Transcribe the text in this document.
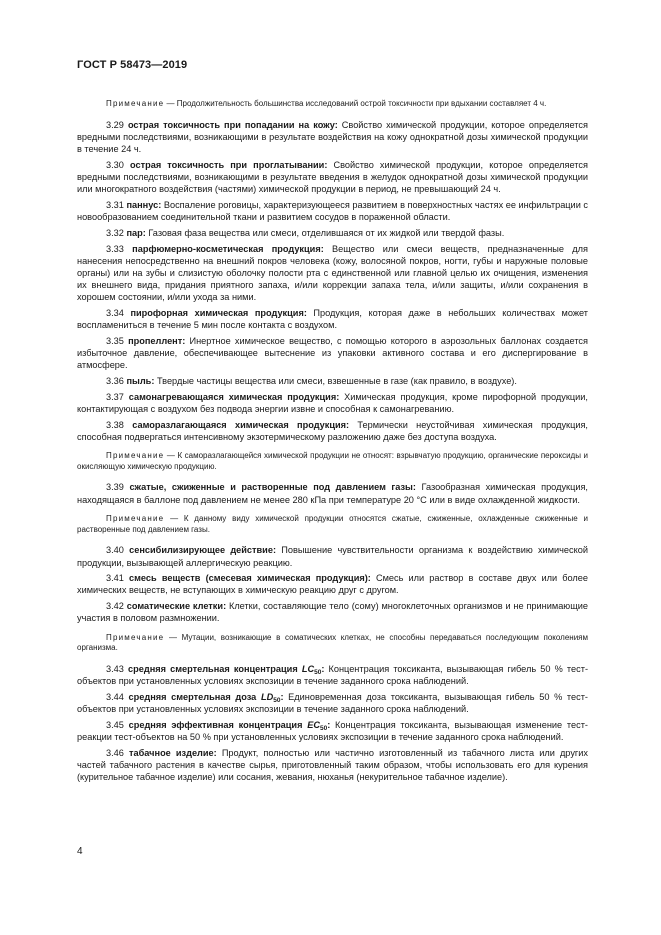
ГОСТ Р 58473—2019

Примечание — Продолжительность большинства исследований острой токсичности при вдыхании составляет 4 ч.

3.29 острая токсичность при попадании на кожу: Свойство химической продукции, которое определяется вредными последствиями, возникающими в результате воздействия на кожу однократной дозы химической продукции в течение 24 ч.

3.30 острая токсичность при проглатывании: Свойство химической продукции, которое определяется вредными последствиями, возникающими в результате введения в желудок однократной дозы химической продукции или многократного воздействия (частями) химической продукции в период, не превышающий 24 ч.

3.31 паннус: Воспаление роговицы, характеризующееся развитием в поверхностных частях ее инфильтрации с новообразованием соединительной ткани и развитием сосудов в пораженной области.

3.32 пар: Газовая фаза вещества или смеси, отделившаяся от их жидкой или твердой фазы.

3.33 парфюмерно-косметическая продукция: Вещество или смеси веществ, предназначенные для нанесения непосредственно на внешний покров человека (кожу, волосяной покров, ногти, губы и наружные половые органы) или на зубы и слизистую оболочку полости рта с единственной или главной целью их очищения, изменения их внешнего вида, придания приятного запаха, и/или коррекции запаха тела, и/или защиты, и/или сохранения в хорошем состоянии, и/или ухода за ними.

3.34 пирофорная химическая продукция: Продукция, которая даже в небольших количествах может воспламениться в течение 5 мин после контакта с воздухом.

3.35 пропеллент: Инертное химическое вещество, с помощью которого в аэрозольных баллонах создается избыточное давление, обеспечивающее вытеснение из упаковки активного состава и его диспергирование в атмосфере.

3.36 пыль: Твердые частицы вещества или смеси, взвешенные в газе (как правило, в воздухе).

3.37 самонагревающаяся химическая продукция: Химическая продукция, кроме пирофорной продукции, контактирующая с воздухом без подвода энергии извне и способная к самонагреванию.

3.38 саморазлагающаяся химическая продукция: Термически неустойчивая химическая продукция, способная подвергаться интенсивному экзотермическому разложению даже без доступа воздуха.

Примечание — К саморазлагающейся химической продукции не относят: взрывчатую продукцию, органические пероксиды и окисляющую химическую продукцию.

3.39 сжатые, сжиженные и растворенные под давлением газы: Газообразная химическая продукция, находящаяся в баллоне под давлением не менее 280 кПа при температуре 20 °С или в виде охлажденной жидкости.

Примечание — К данному виду химической продукции относятся сжатые, сжиженные, охлажденные сжиженные и растворенные под давлением газы.

3.40 сенсибилизирующее действие: Повышение чувствительности организма к воздействию химической продукции, вызывающей аллергическую реакцию.

3.41 смесь веществ (смесевая химическая продукция): Смесь или раствор в составе двух или более химических веществ, не вступающих в химическую реакцию друг с другом.

3.42 соматические клетки: Клетки, составляющие тело (сому) многоклеточных организмов и не принимающие участия в половом размножении.

Примечание — Мутации, возникающие в соматических клетках, не способны передаваться последующим поколениям организма.

3.43 средняя смертельная концентрация $LC_{50}$: Концентрация токсиканта, вызывающая гибель 50 % тест-объектов при установленных условиях экспозиции в течение заданного срока наблюдений.

3.44 средняя смертельная доза $LD_{50}$: Единовременная доза токсиканта, вызывающая гибель 50 % тест-объектов при установленных условиях экспозиции в течение заданного срока наблюдений.

3.45 средняя эффективная концентрация $EC_{50}$: Концентрация токсиканта, вызывающая изменение тест-реакции тест-объектов на 50 % при установленных условиях экспозиции в течение заданного срока наблюдений.

3.46 табачное изделие: Продукт, полностью или частично изготовленный из табачного листа или других частей табачного растения в качестве сырья, приготовленный таким образом, чтобы использовать его для курения (курительное табачное изделие) или сосания, жевания, нюханья (некурительное табачное изделие).

4
